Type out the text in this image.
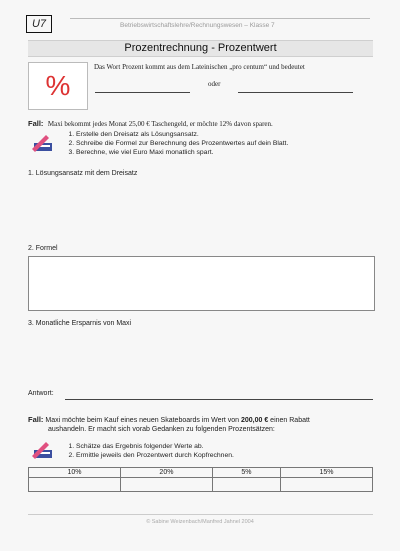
U7	Betriebswirtschaftslehre/Rechnungswesen – Klasse 7
Prozentrechnung - Prozentwert
%
Das Wort Prozent kommt aus dem Lateinischen „pro centum“ und bedeutet
oder
Fall: Maxi bekommt jedes Monat 25,00 € Taschengeld, er möchte 12% davon sparen.
1. Erstelle den Dreisatz als Lösungsansatz.
2. Schreibe die Formel zur Berechnung des Prozentwertes auf dein Blatt.
3. Berechne, wie viel Euro Maxi monatlich spart.
1. Lösungsansatz mit dem Dreisatz
2. Formel
3. Monatliche Ersparnis von Maxi
Antwort:
Fall: Maxi möchte beim Kauf eines neuen Skateboards im Wert von 200,00 € einen Rabatt
aushandeln. Er macht sich vorab Gedanken zu folgenden Prozentsätzen:
1. Schätze das Ergebnis folgender Werte ab.
2. Ermittle jeweils den Prozentwert durch Kopfrechnen.
10%	20%	5%	15%

© Sabine Weizenbach/Manfred Jahnel 2004
